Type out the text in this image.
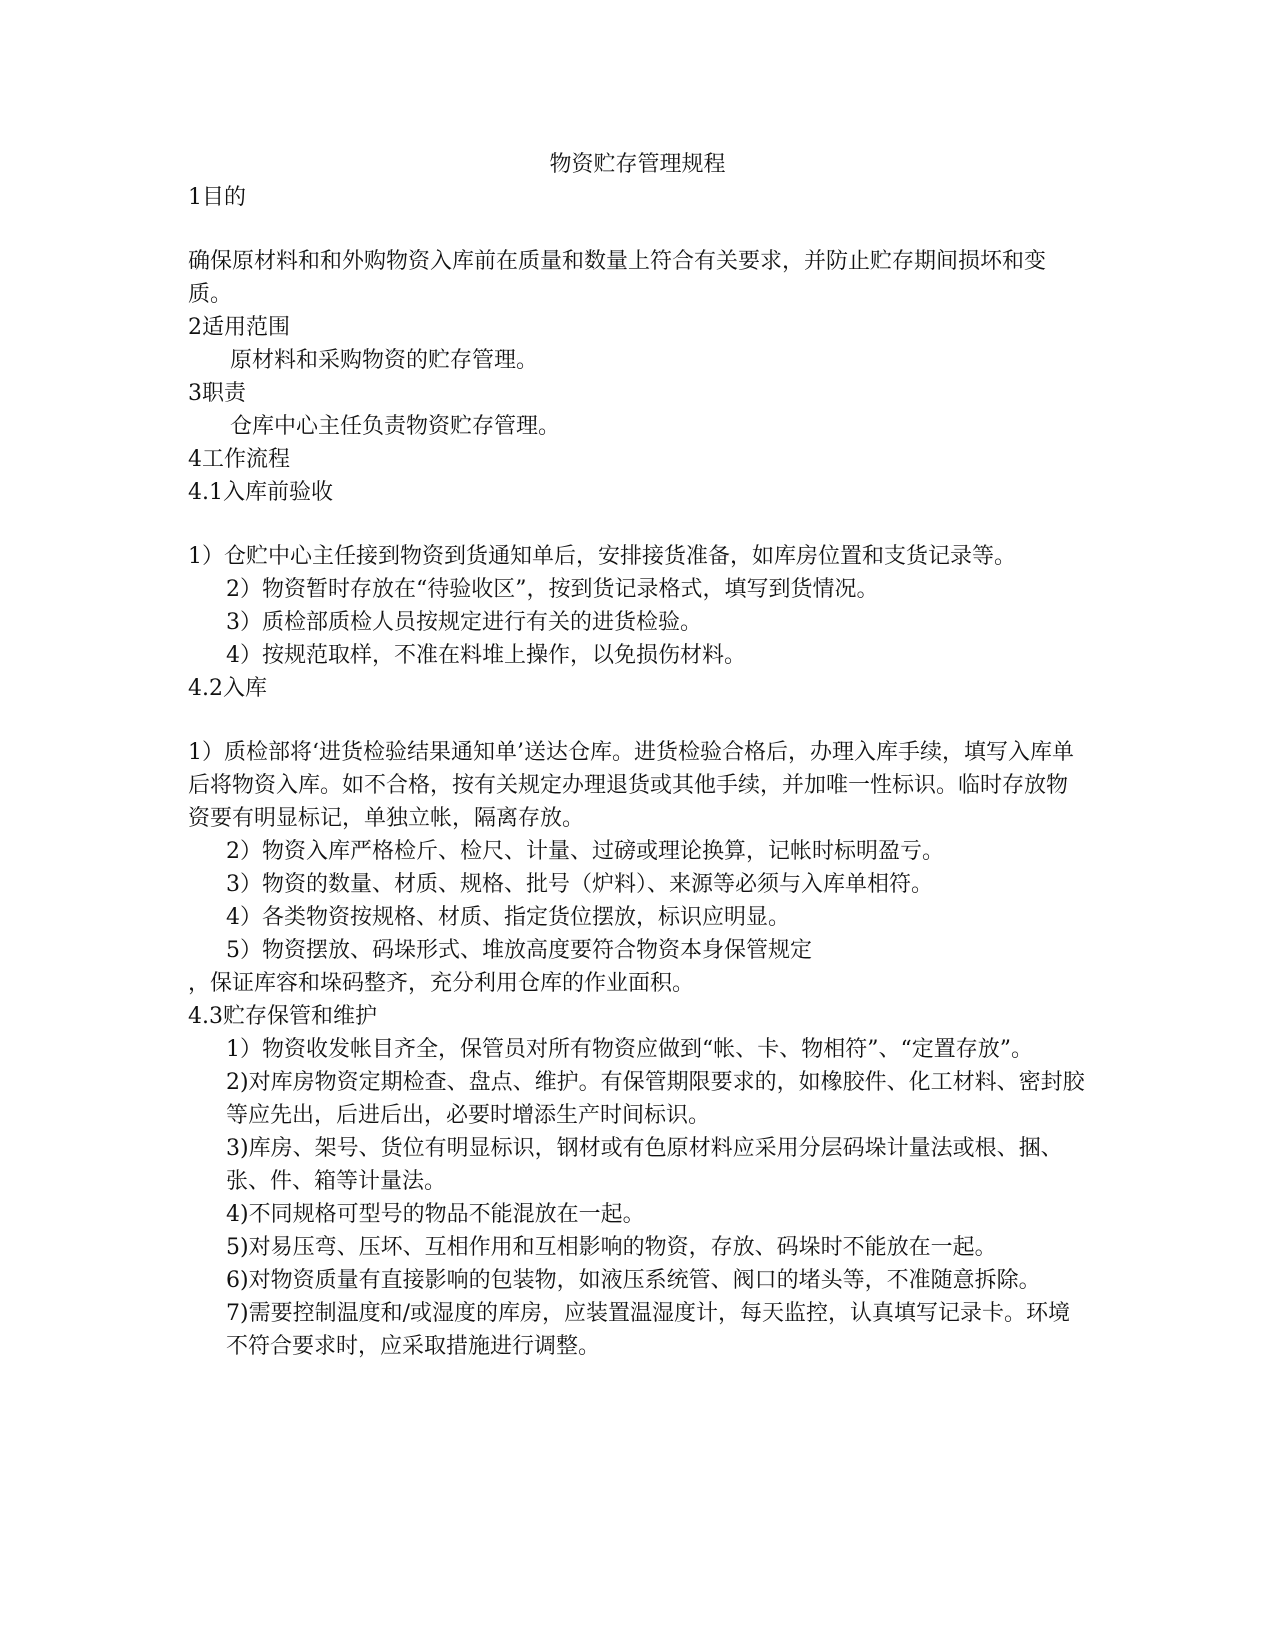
物资贮存管理规程
1目的
确保原材料和和外购物资入库前在质量和数量上符合有关要求，并防止贮存期间损坏和变质。
2适用范围
原材料和采购物资的贮存管理。
3职责
仓库中心主任负责物资贮存管理。
4工作流程
4.1入库前验收
1）仓贮中心主任接到物资到货通知单后，安排接货准备，如库房位置和支货记录等。
2）物资暂时存放在“待验收区”，按到货记录格式，填写到货情况。
3）质检部质检人员按规定进行有关的进货检验。
4）按规范取样，不准在料堆上操作，以免损伤材料。
4.2入库
1）质检部将‘进货检验结果通知单’送达仓库。进货检验合格后，办理入库手续，填写入库单后将物资入库。如不合格，按有关规定办理退货或其他手续，并加唯一性标识。临时存放物资要有明显标记，单独立帐，隔离存放。
2）物资入库严格检斤、检尺、计量、过磅或理论换算，记帐时标明盈亏。
3）物资的数量、材质、规格、批号（炉料）、来源等必须与入库单相符。
4）各类物资按规格、材质、指定货位摆放，标识应明显。
5）物资摆放、码垛形式、堆放高度要符合物资本身保管规定
，保证库容和垛码整齐，充分利用仓库的作业面积。
4.3贮存保管和维护
1）物资收发帐目齐全，保管员对所有物资应做到“帐、卡、物相符”、“定置存放”。
2)对库房物资定期检查、盘点、维护。有保管期限要求的，如橡胶件、化工材料、密封胶等应先出，后进后出，必要时增添生产时间标识。
3)库房、架号、货位有明显标识，钢材或有色原材料应采用分层码垛计量法或根、捆、张、件、箱等计量法。
4)不同规格可型号的物品不能混放在一起。
5)对易压弯、压坏、互相作用和互相影响的物资，存放、码垛时不能放在一起。
6)对物资质量有直接影响的包装物，如液压系统管、阀口的堵头等，不准随意拆除。
7)需要控制温度和/或湿度的库房，应装置温湿度计，每天监控，认真填写记录卡。环境不符合要求时，应采取措施进行调整。
